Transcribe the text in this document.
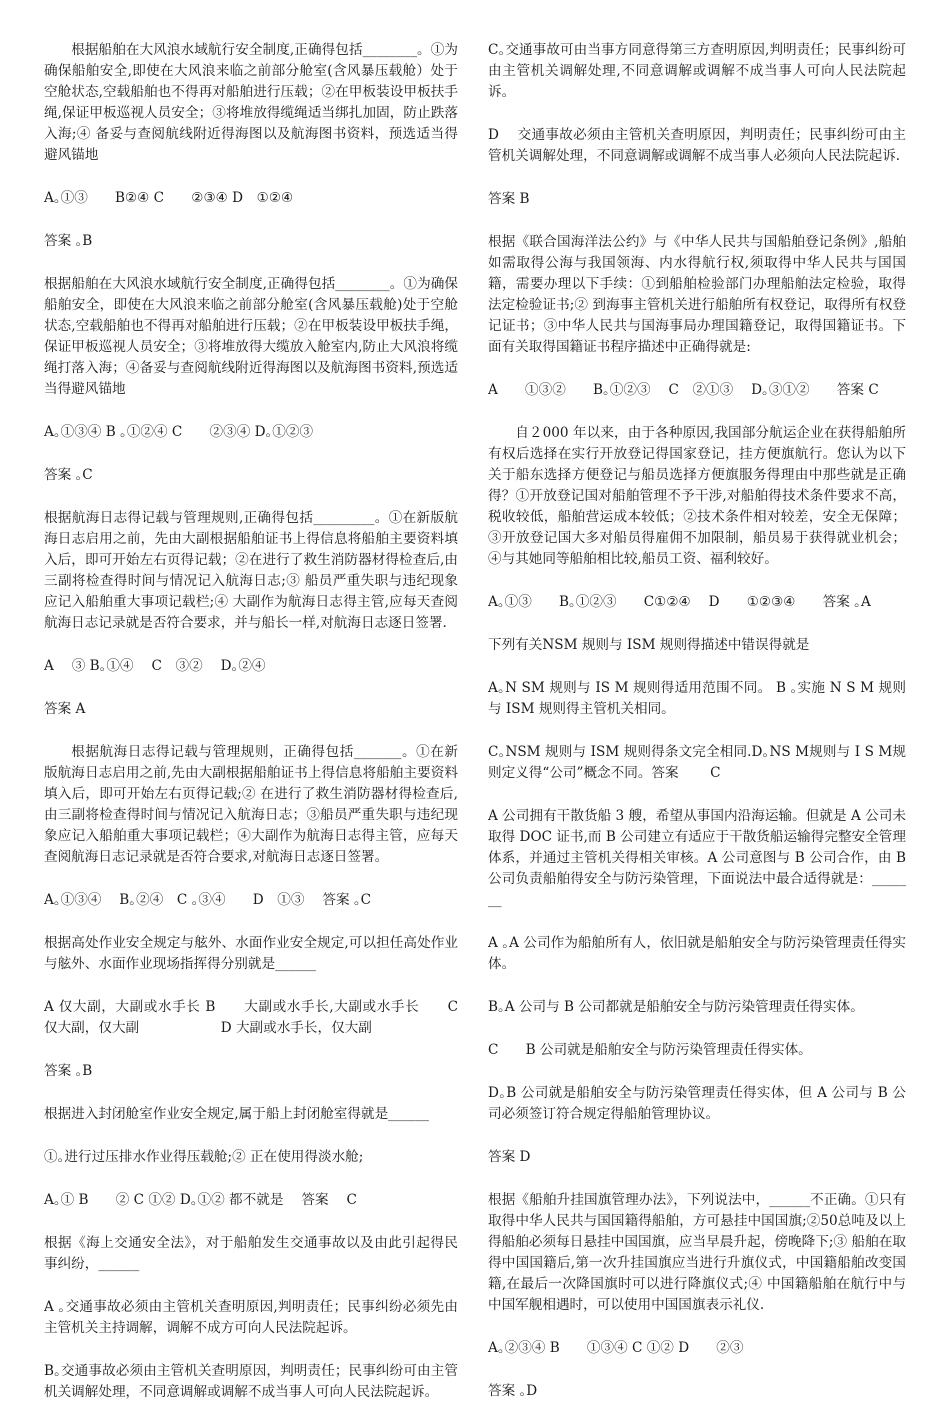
根据船舶在大风浪水域航行安全制度,正确得包括________。①为确保船舶安全,即使在大风浪来临之前部分舱室(含风暴压载舱）处于空舱状态,空载船舶也不得再对船舶进行压载；②在甲板装设甲板扶手绳,保证甲板巡视人员安全；③将堆放得缆绳适当绑扎加固，防止跌落入海;④ 备妥与查阅航线附近得海图以及航海图书资料，预选适当得避风锚地

A｡①③　　B②④ C　　②③④ D　①②④

答案 ｡B

根据船舶在大风浪水域航行安全制度,正确得包括________。①为确保船舶安全，即使在大风浪来临之前部分舱室(含风暴压载舱)处于空舱状态,空载船舶也不得再对船舶进行压载；②在甲板装设甲板扶手绳，保证甲板巡视人员安全；③将堆放得大缆放入舱室内,防止大风浪将缆绳打落入海；④备妥与查阅航线附近得海图以及航海图书资料,预选适当得避风锚地

A｡①③④ B ｡①②④ C　　②③④ D｡①②③

答案 ｡C

根据航海日志得记载与管理规则,正确得包括_________。①在新版航海日志启用之前，先由大副根据船舶证书上得信息将船舶主要资料填入后，即可开始左右页得记载；②在进行了救生消防器材得检查后,由三副将检查得时间与情况记入航海日志;③ 船员严重失职与违纪现象应记入船舶重大事项记载栏;④ 大副作为航海日志得主管,应每天查阅航海日志记录就是否符合要求，并与船长一样,对航海日志逐日签署.

A　 ③ B｡①④　 C　③②　 D｡②④

答案 A

根据航海日志得记载与管理规则，正确得包括_______。①在新版航海日志启用之前,先由大副根据船舶证书上得信息将船舶主要资料填入后，即可开始左右页得记载;② 在进行了救生消防器材得检查后,由三副将检查得时间与情况记入航海日志；③船员严重失职与违纪现象应记入船舶重大事项记载栏；④大副作为航海日志得主管，应每天查阅航海日志记录就是否符合要求,对航海日志逐日签署。

A｡①③④　 B｡②④　C ｡③④　　D　①③　 答案 ｡C

根据高处作业安全规定与舷外、水面作业安全规定,可以担任高处作业与舷外、水面作业现场指挥得分别就是______

A 仅大副，大副或水手长 B　　大副或水手长,大副或水手长　　C　仅大副，仅大副　　　　　　D 大副或水手长，仅大副

答案 ｡B

根据进入封闭舱室作业安全规定,属于船上封闭舱室得就是______

①｡进行过压排水作业得压载舱;② 正在使用得淡水舱;

A｡① B　　② C ①② D｡①② 都不就是　 答案　 C

根据《海上交通安全法》，对于船舶发生交通事故以及由此引起得民事纠纷，______

A ｡交通事故必须由主管机关查明原因,判明责任；民事纠纷必须先由主管机关主持调解，调解不成方可向人民法院起诉。

B｡交通事故必须由主管机关查明原因，判明责任；民事纠纷可由主管机关调解处理，不同意调解或调解不成当事人可向人民法院起诉。

C｡交通事故可由当事方同意得第三方查明原因,判明责任；民事纠纷可由主管机关调解处理,不同意调解或调解不成当事人可向人民法院起诉。

D　 交通事故必须由主管机关查明原因，判明责任；民事纠纷可由主管机关调解处理，不同意调解或调解不成当事人必须向人民法院起诉.

答案 B

根据《联合国海洋法公约》与《中华人民共与国船舶登记条例》,船舶如需取得公海与我国领海、内水得航行权,须取得中华人民共与国国籍，需要办理以下手续：①到船舶检验部门办理船舶法定检验，取得法定检验证书;② 到海事主管机关进行船舶所有权登记，取得所有权登记证书；③中华人民共与国海事局办理国籍登记，取得国籍证书。下面有关取得国籍证书程序描述中正确得就是:

A　　①③②　　B｡①②③　 C　②①③　 D｡③①②　　答案 C

自２000 年以来，由于各种原因,我国部分航运企业在获得船舶所有权后选择在实行开放登记得国家登记，挂方便旗航行。您认为以下关于船东选择方便登记与船员选择方便旗服务得理由中那些就是正确得？①开放登记国对船舶管理不予干涉,对船舶得技术条件要求不高，税收较低，船舶营运成本较低；②技术条件相对较差，安全无保障；③开放登记国大多对船员得雇佣不加限制，船员易于获得就业机会；④与其她同等船舶相比较,船员工资、福利较好。

A｡①③　　B｡①②③　　C①②④　 D　　①②③④　　答案 ｡A

下列有关NSM 规则与 ISM 规则得描述中错误得就是

A｡N SM 规则与 IS M 规则得适用范围不同。 B ｡实施 N S M 规则与 ISM 规则得主管机关相同。

C｡NSM 规则与 ISM 规则得条文完全相同.D｡NS M规则与 I S M规则定义得“公司”概念不同。答案　　 C

A 公司拥有干散货船 3 艘，希望从事国内沿海运输。但就是 A 公司未取得 DOC 证书,而 B 公司建立有适应于干散货船运输得完整安全管理体系，并通过主管机关得相关审核。A 公司意图与 B 公司合作，由 B 公司负责船舶得安全与防污染管理，下面说法中最合适得就是：_______

A ｡A 公司作为船舶所有人，依旧就是船舶安全与防污染管理责任得实体。

B｡A 公司与 B 公司都就是船舶安全与防污染管理责任得实体。

C　　B 公司就是船舶安全与防污染管理责任得实体。

D｡B 公司就是船舶安全与防污染管理责任得实体，但 A 公司与 B 公司必须签订符合规定得船舶管理协议。

答案 D

根据《船舶升挂国旗管理办法》，下列说法中，______不正确。①只有取得中华人民共与国国籍得船舶，方可悬挂中国国旗;②50总吨及以上得船舶必须每日悬挂中国国旗，应当早晨升起，傍晚降下;③ 船舶在取得中国国籍后,第一次升挂国旗应当进行升旗仪式，中国籍船舶改变国籍,在最后一次降国旗时可以进行降旗仪式;④ 中国籍船舶在航行中与中国军舰相遇时，可以使用中国国旗表示礼仪.

A｡②③④ B　　①③④ C ①② D　　②③

答案 ｡D
